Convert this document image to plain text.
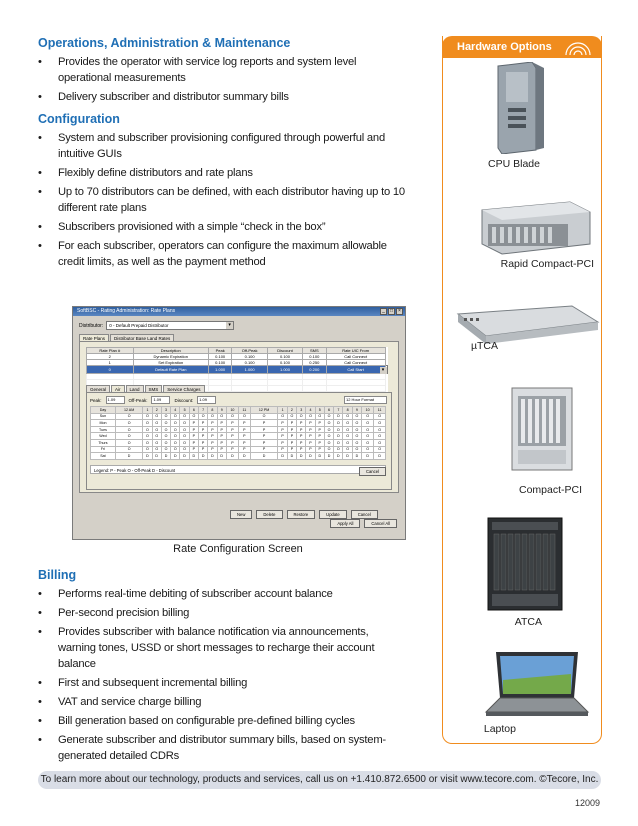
Operations, Administration & Maintenance
• Provides the operator with service log reports and system level operational measurements
• Delivery subscriber and distributor summary bills
Configuration
• System and subscriber provisioning configured through powerful and intuitive GUIs
• Flexibly define distributors and rate plans
• Up to 70 distributors can be defined, with each distributor having up to 10 different rate plans
• Subscribers provisioned with a simple “check in the box”
• For each subscriber, operators can configure the maximum allowable credit limits, as well as the payment method
SoftBSC - Rating Administration: Rate Plans	_	□	×
Distributor:	0 - Default Prepaid Distributor ▾
Rate Plans	Distributor Base Land Rates
Rate Plan #	Description	Peak	Off-Peak	Discount	SMS	Rate UIC From
2	Dynamic Expiration	0.100	0.100	0.100	0.100	Call Connect
1	Set Expiration	0.100	0.100	0.100	0.250	Call Connect
0	Default Rate Plan	1.000	1.000	1.000	0.200	Call Start	▾

General	Air	Land	SMS	Service Charges
Peak:	1.09	Off-Peak:	1.09	Discount:	1.09	12 Hour Format
Day	12 AM	1	2	3	4	5	6	7	8	9	10	11	12 PM	1	2	3	4	5	6	7	8	9	10	11
Sun	O	O	O	O	O	O	O	O	O	O	O	O	O	O	O	O	O	O	O	O	O	O	O	O
Mon	O	O	O	O	O	O	P	P	P	P	P	P	P	P	P	P	P	P	O	O	O	O	O	O
Tues	O	O	O	O	O	O	P	P	P	P	P	P	P	P	P	P	P	P	O	O	O	O	O	O
Wed	O	O	O	O	O	O	P	P	P	P	P	P	P	P	P	P	P	P	O	O	O	O	O	O
Thurs	O	O	O	O	O	O	P	P	P	P	P	P	P	P	P	P	P	P	O	O	O	O	O	O
Fri	O	O	O	O	O	O	P	P	P	P	P	P	P	P	P	P	P	P	O	O	O	O	O	O
Sat	D	D	D	D	D	D	D	D	D	D	D	D	D	D	D	D	D	D	D	D	D	D	D	D
Legend: P - Peak O - Off-Peak D - Discount	Cancel
New	Delete	Restore	Update	Cancel
Apply All	Cancel All
Rate Configuration Screen
Billing
• Performs real-time debiting of subscriber account balance
• Per-second precision billing
• Provides subscriber with balance notification via announcements, warning tones, USSD or short messages to recharge their account balance
• First and subsequent incremental billing
• VAT and service charge billing
• Bill generation based on configurable pre-defined billing cycles
• Generate subscriber and distributor summary bills, based on system-generated detailed CDRs
Hardware Options
CPU Blade
Rapid Compact-PCI
µTCA
Compact-PCI
ATCA
Laptop
To learn more about our technology, products and services, call us on +1.410.872.6500 or visit www.tecore.com. ©Tecore, Inc.
12009
